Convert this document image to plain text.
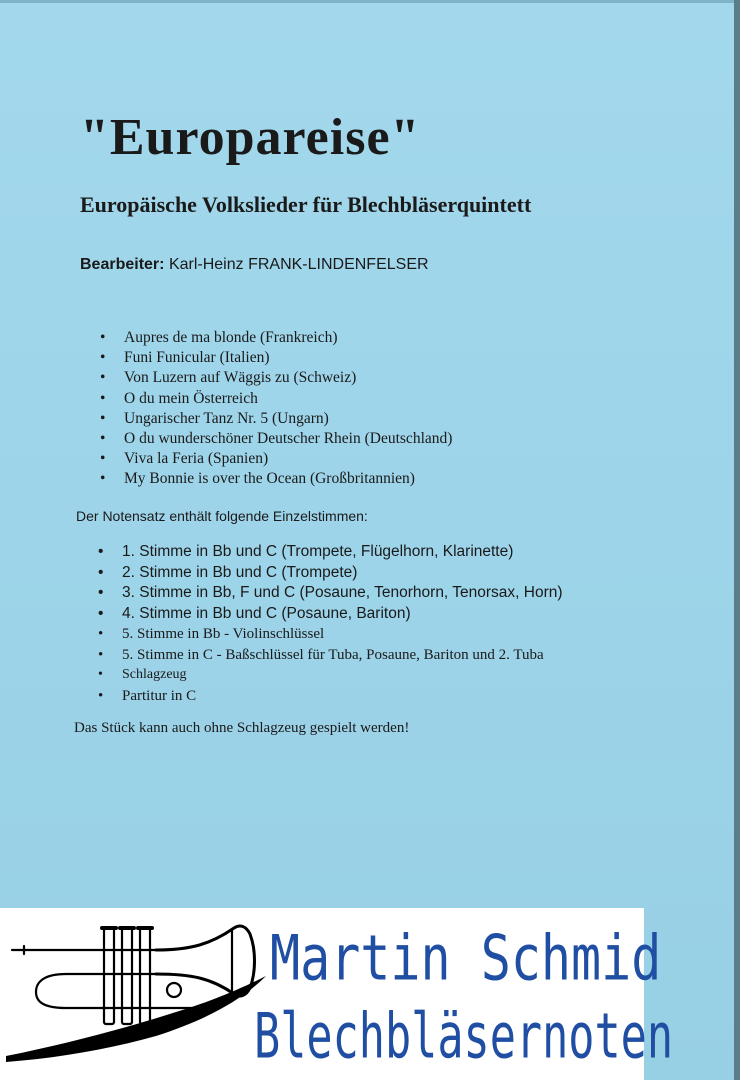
"Europareise"
Europäische Volkslieder für Blechbläserquintett
Bearbeiter: Karl-Heinz FRANK-LINDENFELSER
• Aupres de ma blonde (Frankreich)
• Funi Funicular (Italien)
• Von Luzern auf Wäggis zu (Schweiz)
• O du mein Österreich
• Ungarischer Tanz Nr. 5 (Ungarn)
• O du wunderschöner Deutscher Rhein (Deutschland)
• Viva la Feria (Spanien)
• My Bonnie is over the Ocean (Großbritannien)
Der Notensatz enthält folgende Einzelstimmen:
• 1. Stimme in Bb und C (Trompete, Flügelhorn, Klarinette)
• 2. Stimme in Bb und C (Trompete)
• 3. Stimme in Bb, F und C (Posaune, Tenorhorn, Tenorsax, Horn)
• 4. Stimme in Bb und C (Posaune, Bariton)
• 5. Stimme in Bb - Violinschlüssel
• 5. Stimme in C - Baßschlüssel für Tuba, Posaune, Bariton und 2. Tuba
• Schlagzeug
• Partitur in C
Das Stück kann auch ohne Schlagzeug gespielt werden!
Martin Schmid
Blechbläsernoten
